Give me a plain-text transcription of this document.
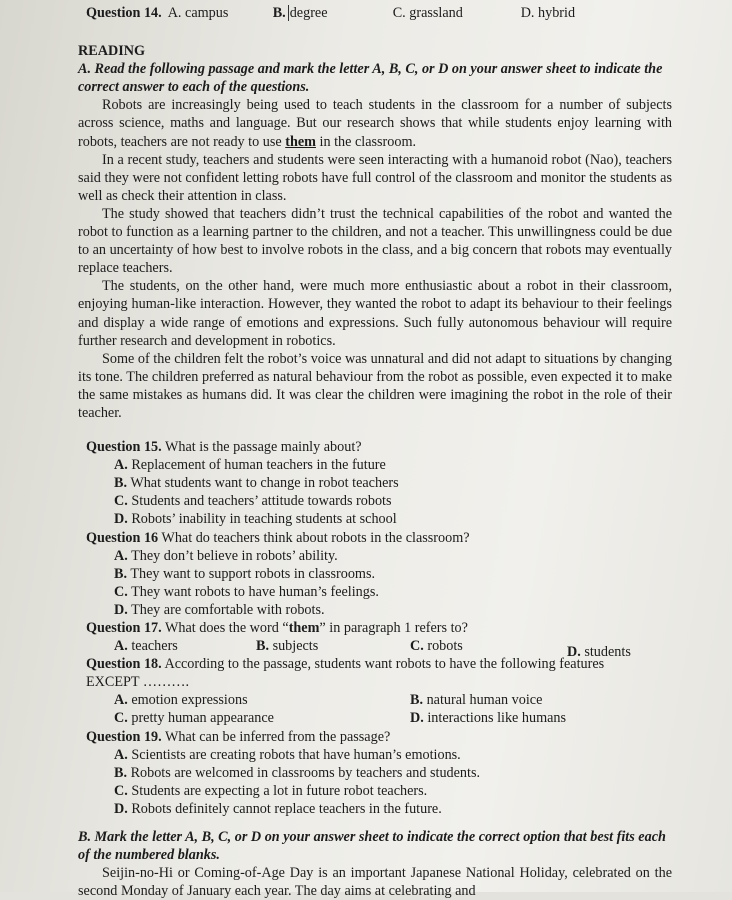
Question 14. A. campus	B. degree	C. grassland	D. hybrid
READING
A. Read the following passage and mark the letter A, B, C, or D on your answer sheet to indicate the correct answer to each of the questions.

Robots are increasingly being used to teach students in the classroom for a number of subjects across science, maths and language. But our research shows that while students enjoy learning with robots, teachers are not ready to use them in the classroom.

In a recent study, teachers and students were seen interacting with a humanoid robot (Nao), teachers said they were not confident letting robots have full control of the classroom and monitor the students as well as check their attention in class.

The study showed that teachers didn’t trust the technical capabilities of the robot and wanted the robot to function as a learning partner to the children, and not a teacher. This unwillingness could be due to an uncertainty of how best to involve robots in the class, and a big concern that robots may eventually replace teachers.

The students, on the other hand, were much more enthusiastic about a robot in their classroom, enjoying human-like interaction. However, they wanted the robot to adapt its behaviour to their feelings and display a wide range of emotions and expressions. Such fully autonomous behaviour will require further research and development in robotics.

Some of the children felt the robot’s voice was unnatural and did not adapt to situations by changing its tone. The children preferred as natural behaviour from the robot as possible, even expected it to make the same mistakes as humans did. It was clear the children were imagining the robot in the role of their teacher.

Question 15. What is the passage mainly about?

A. Replacement of human teachers in the future

B. What students want to change in robot teachers

C. Students and teachers’ attitude towards robots

D. Robots’ inability in teaching students at school

Question 16 What do teachers think about robots in the classroom?

A. They don’t believe in robots’ ability.

B. They want to support robots in classrooms.

C. They want robots to have human’s feelings.

D. They are comfortable with robots.

Question 17. What does the word “them” in paragraph 1 refers to?

A. teachers	B. subjects	C. robots	D. students

Question 18. According to the passage, students want robots to have the following features

EXCEPT ……….

A. emotion expressions	B. natural human voice
C. pretty human appearance	D. interactions like humans

Question 19. What can be inferred from the passage?

A. Scientists are creating robots that have human’s emotions.

B. Robots are welcomed in classrooms by teachers and students.

C. Students are expecting a lot in future robot teachers.

D. Robots definitely cannot replace teachers in the future.

B. Mark the letter A, B, C, or D on your answer sheet to indicate the correct option that best fits each of the numbered blanks.

Seijin-no-Hi or Coming-of-Age Day is an important Japanese National Holiday, celebrated on the second Monday of January each year. The day aims at celebrating and
